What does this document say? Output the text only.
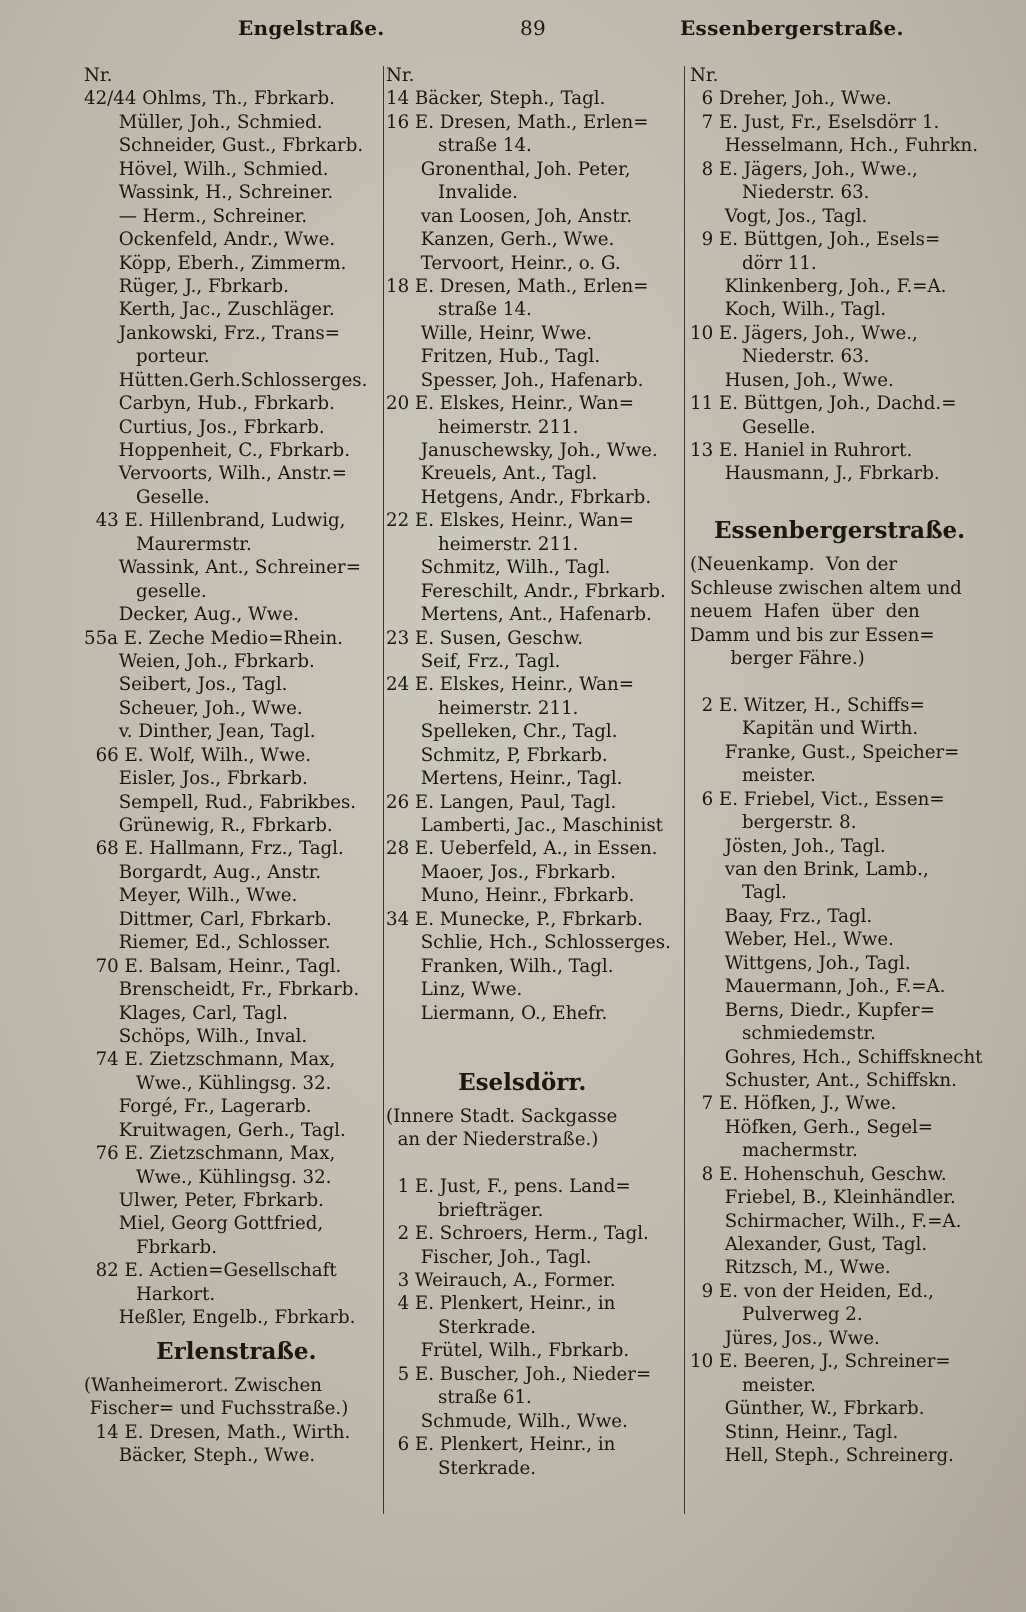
Engelstraße.	89	Essenbergerstraße.
Nr.
42/44 Ohlms, Th., Fbrkarb.
Müller, Joh., Schmied.
Schneider, Gust., Fbrkarb.
Hövel, Wilh., Schmied.
Wassink, H., Schreiner.
— Herm., Schreiner.
Ockenfeld, Andr., Wwe.
Köpp, Eberh., Zimmerm.
Rüger, J., Fbrkarb.
Kerth, Jac., Zuschläger.
Jankowski, Frz., Trans=
porteur.
Hütten.Gerh.Schlosserges.
Carbyn, Hub., Fbrkarb.
Curtius, Jos., Fbrkarb.
Hoppenheit, C., Fbrkarb.
Vervoorts, Wilh., Anstr.=
Geselle.
43 E. Hillenbrand, Ludwig,
Maurermstr.
Wassink, Ant., Schreiner=
geselle.
Decker, Aug., Wwe.
55a E. Zeche Medio=Rhein.
Weien, Joh., Fbrkarb.
Seibert, Jos., Tagl.
Scheuer, Joh., Wwe.
v. Dinther, Jean, Tagl.
66 E. Wolf, Wilh., Wwe.
Eisler, Jos., Fbrkarb.
Sempell, Rud., Fabrikbes.
Grünewig, R., Fbrkarb.
68 E. Hallmann, Frz., Tagl.
Borgardt, Aug., Anstr.
Meyer, Wilh., Wwe.
Dittmer, Carl, Fbrkarb.
Riemer, Ed., Schlosser.
70 E. Balsam, Heinr., Tagl.
Brenscheidt, Fr., Fbrkarb.
Klages, Carl, Tagl.
Schöps, Wilh., Inval.
74 E. Zietzschmann, Max,
Wwe., Kühlingsg. 32.
Forgé, Fr., Lagerarb.
Kruitwagen, Gerh., Tagl.
76 E. Zietzschmann, Max,
Wwe., Kühlingsg. 32.
Ulwer, Peter, Fbrkarb.
Miel, Georg Gottfried,
Fbrkarb.
82 E. Actien=Gesellschaft
Harkort.
Heßler, Engelb., Fbrkarb.
Erlenstraße.
(Wanheimerort. Zwischen
Fischer= und Fuchsstraße.)
14 E. Dresen, Math., Wirth.
Bäcker, Steph., Wwe.
Nr.
14 Bäcker, Steph., Tagl.
16 E. Dresen, Math., Erlen=
straße 14.
Gronenthal, Joh. Peter,
Invalide.
van Loosen, Joh, Anstr.
Kanzen, Gerh., Wwe.
Tervoort, Heinr., o. G.
18 E. Dresen, Math., Erlen=
straße 14.
Wille, Heinr, Wwe.
Fritzen, Hub., Tagl.
Spesser, Joh., Hafenarb.
20 E. Elskes, Heinr., Wan=
heimerstr. 211.
Januschewsky, Joh., Wwe.
Kreuels, Ant., Tagl.
Hetgens, Andr., Fbrkarb.
22 E. Elskes, Heinr., Wan=
heimerstr. 211.
Schmitz, Wilh., Tagl.
Fereschilt, Andr., Fbrkarb.
Mertens, Ant., Hafenarb.
23 E. Susen, Geschw.
Seif, Frz., Tagl.
24 E. Elskes, Heinr., Wan=
heimerstr. 211.
Spelleken, Chr., Tagl.
Schmitz, P, Fbrkarb.
Mertens, Heinr., Tagl.
26 E. Langen, Paul, Tagl.
Lamberti, Jac., Maschinist
28 E. Ueberfeld, A., in Essen.
Maoer, Jos., Fbrkarb.
Muno, Heinr., Fbrkarb.
34 E. Munecke, P., Fbrkarb.
Schlie, Hch., Schlosserges.
Franken, Wilh., Tagl.
Linz, Wwe.
Liermann, O., Ehefr.
Eselsdörr.
(Innere Stadt. Sackgasse
an der Niederstraße.)
1 E. Just, F., pens. Land=
briefträger.
2 E. Schroers, Herm., Tagl.
Fischer, Joh., Tagl.
3 Weirauch, A., Former.
4 E. Plenkert, Heinr., in
Sterkrade.
Frütel, Wilh., Fbrkarb.
5 E. Buscher, Joh., Nieder=
straße 61.
Schmude, Wilh., Wwe.
6 E. Plenkert, Heinr., in
Sterkrade.
Nr.
6 Dreher, Joh., Wwe.
7 E. Just, Fr., Eselsdörr 1.
Hesselmann, Hch., Fuhrkn.
8 E. Jägers, Joh., Wwe.,
Niederstr. 63.
Vogt, Jos., Tagl.
9 E. Büttgen, Joh., Esels=
dörr 11.
Klinkenberg, Joh., F.=A.
Koch, Wilh., Tagl.
10 E. Jägers, Joh., Wwe.,
Niederstr. 63.
Husen, Joh., Wwe.
11 E. Büttgen, Joh., Dachd.=
Geselle.
13 E. Haniel in Ruhrort.
Hausmann, J., Fbrkarb.
Essenbergerstraße.
(Neuenkamp.  Von der
Schleuse zwischen altem und
neuem  Hafen  über  den
Damm und bis zur Essen=
berger Fähre.)
2 E. Witzer, H., Schiffs=
Kapitän und Wirth.
Franke, Gust., Speicher=
meister.
6 E. Friebel, Vict., Essen=
bergerstr. 8.
Jösten, Joh., Tagl.
van den Brink, Lamb.,
Tagl.
Baay, Frz., Tagl.
Weber, Hel., Wwe.
Wittgens, Joh., Tagl.
Mauermann, Joh., F.=A.
Berns, Diedr., Kupfer=
schmiedemstr.
Gohres, Hch., Schiffsknecht
Schuster, Ant., Schiffskn.
7 E. Höfken, J., Wwe.
Höfken, Gerh., Segel=
machermstr.
8 E. Hohenschuh, Geschw.
Friebel, B., Kleinhändler.
Schirmacher, Wilh., F.=A.
Alexander, Gust, Tagl.
Ritzsch, M., Wwe.
9 E. von der Heiden, Ed.,
Pulverweg 2.
Jüres, Jos., Wwe.
10 E. Beeren, J., Schreiner=
meister.
Günther, W., Fbrkarb.
Stinn, Heinr., Tagl.
Hell, Steph., Schreinerg.
